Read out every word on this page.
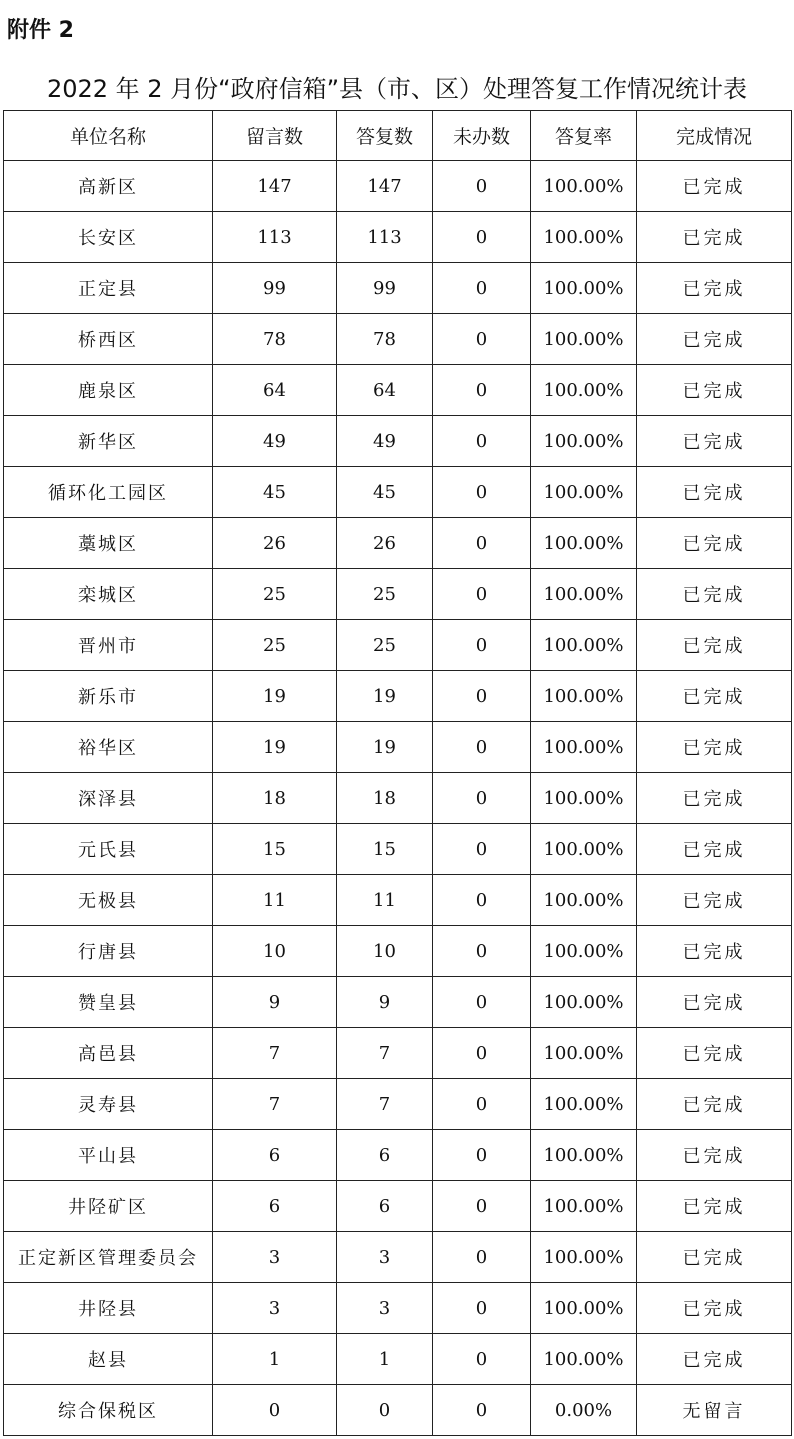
附件 2
2022 年 2 月份“政府信箱”县（市、区）处理答复工作情况统计表
单位名称	留言数	答复数	未办数	答复率	完成情况
高新区	147	147	0	100.00%	已完成
长安区	113	113	0	100.00%	已完成
正定县	99	99	0	100.00%	已完成
桥西区	78	78	0	100.00%	已完成
鹿泉区	64	64	0	100.00%	已完成
新华区	49	49	0	100.00%	已完成
循环化工园区	45	45	0	100.00%	已完成
藁城区	26	26	0	100.00%	已完成
栾城区	25	25	0	100.00%	已完成
晋州市	25	25	0	100.00%	已完成
新乐市	19	19	0	100.00%	已完成
裕华区	19	19	0	100.00%	已完成
深泽县	18	18	0	100.00%	已完成
元氏县	15	15	0	100.00%	已完成
无极县	11	11	0	100.00%	已完成
行唐县	10	10	0	100.00%	已完成
赞皇县	9	9	0	100.00%	已完成
高邑县	7	7	0	100.00%	已完成
灵寿县	7	7	0	100.00%	已完成
平山县	6	6	0	100.00%	已完成
井陉矿区	6	6	0	100.00%	已完成
正定新区管理委员会	3	3	0	100.00%	已完成
井陉县	3	3	0	100.00%	已完成
赵县	1	1	0	100.00%	已完成
综合保税区	0	0	0	0.00%	无留言
